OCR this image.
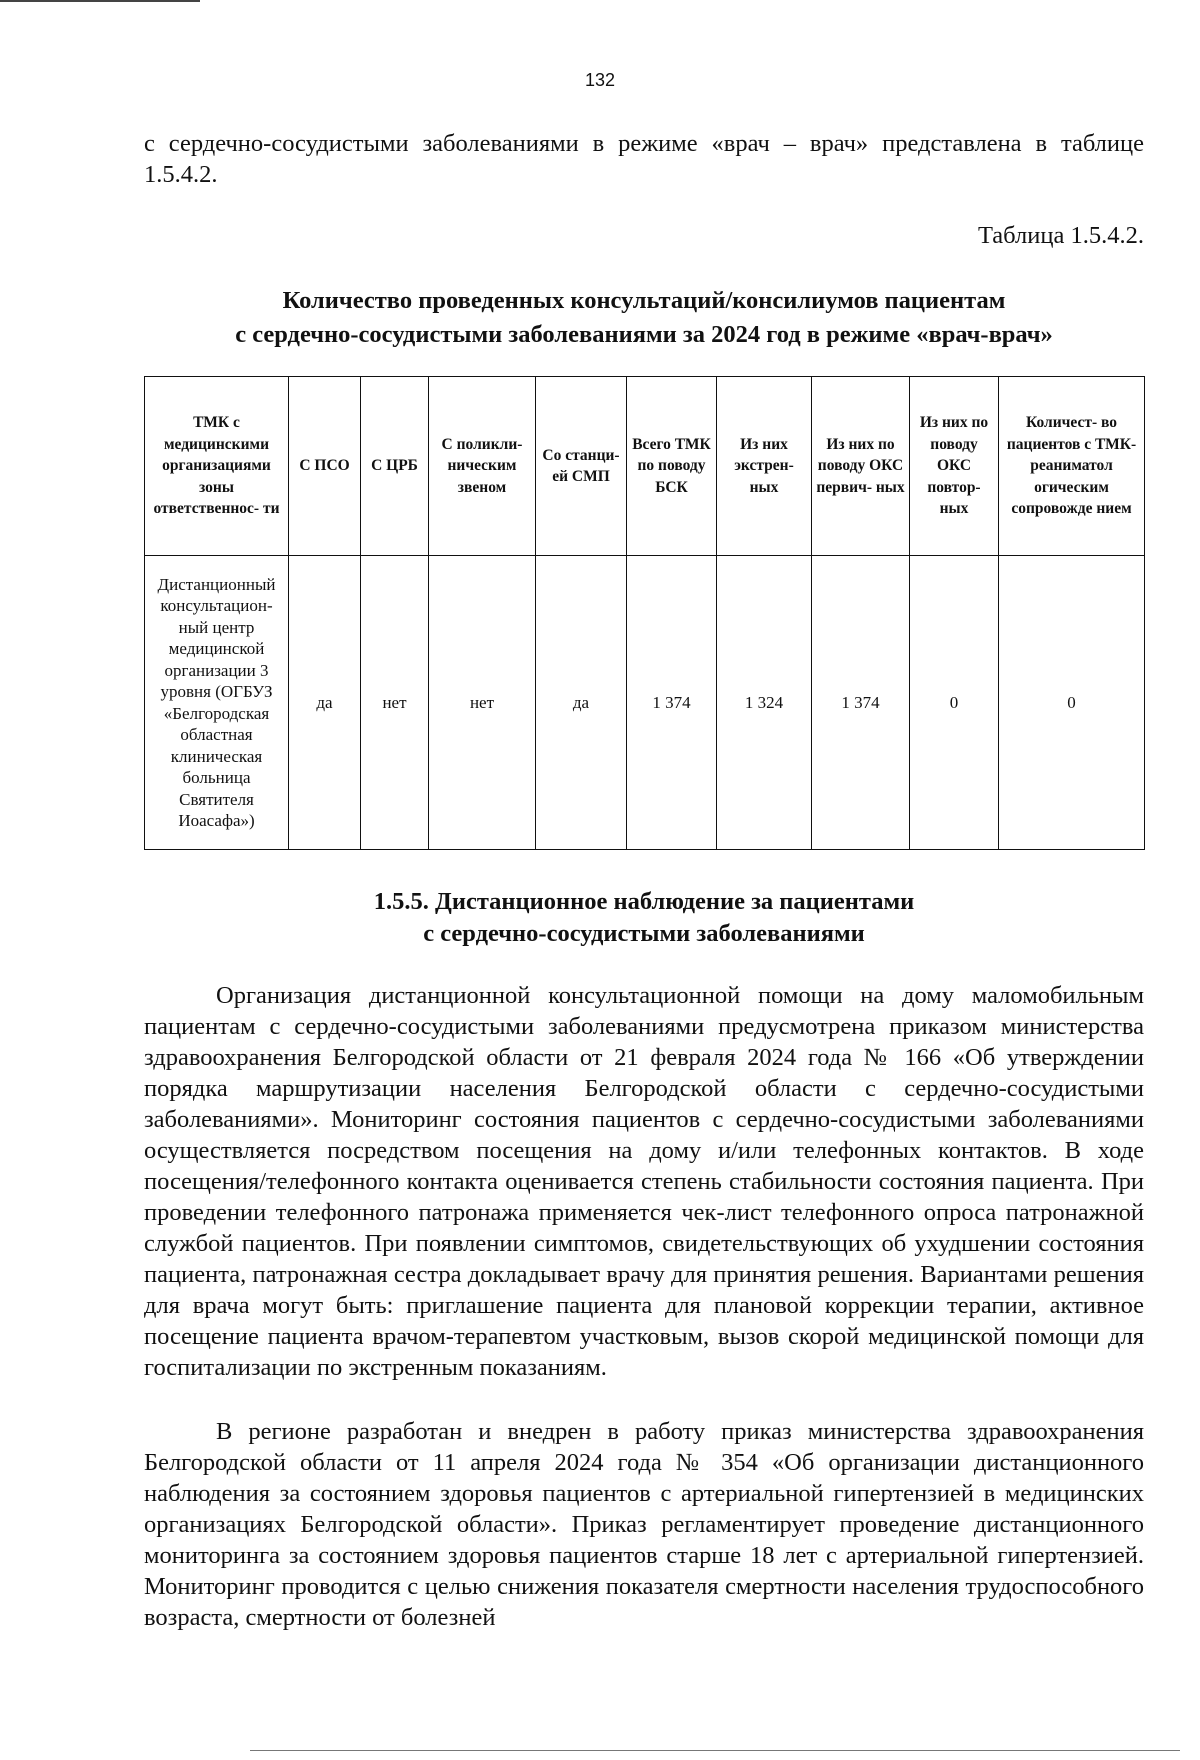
132
с сердечно-сосудистыми заболеваниями в режиме «врач – врач» представлена в таблице 1.5.4.2.
Таблица 1.5.4.2.
Количество проведенных консультаций/консилиумов пациентам
с сердечно-сосудистыми заболеваниями за 2024 год в режиме «врач-врач»
ТМК с медицинскими организациями зоны ответственнос- ти	С ПСО	С ЦРБ	С поликли- ническим звеном	Со станци- ей СМП	Всего ТМК по поводу БСК	Из них экстрен- ных	Из них по поводу ОКС первич- ных	Из них по поводу ОКС повтор- ных	Количест- во пациентов с ТМК- реаниматол огическим сопровожде нием
Дистанционный консультацион- ный центр медицинской организации 3 уровня (ОГБУЗ «Белгородская областная клиническая больница Святителя Иоасафа»)	да	нет	нет	да	1 374	1 324	1 374	0	0
1.5.5. Дистанционное наблюдение за пациентами
с сердечно-сосудистыми заболеваниями
Организация дистанционной консультационной помощи на дому маломобильным пациентам с сердечно-сосудистыми заболеваниями предусмотрена приказом министерства здравоохранения Белгородской области от 21 февраля 2024 года № 166 «Об утверждении порядка маршрутизации населения Белгородской области с сердечно-сосудистыми заболеваниями». Мониторинг состояния пациентов с сердечно-сосудистыми заболеваниями осуществляется посредством посещения на дому и/или телефонных контактов. В ходе посещения/телефонного контакта оценивается степень стабильности состояния пациента. При проведении телефонного патронажа применяется чек-лист телефонного опроса патронажной службой пациентов. При появлении симптомов, свидетельствующих об ухудшении состояния пациента, патронажная сестра докладывает врачу для принятия решения. Вариантами решения для врача могут быть: приглашение пациента для плановой коррекции терапии, активное посещение пациента врачом-терапевтом участковым, вызов скорой медицинской помощи для госпитализации по экстренным показаниям.
В регионе разработан и внедрен в работу приказ министерства здравоохранения Белгородской области от 11 апреля 2024 года № 354 «Об организации дистанционного наблюдения за состоянием здоровья пациентов с артериальной гипертензией в медицинских организациях Белгородской области». Приказ регламентирует проведение дистанционного мониторинга за состоянием здоровья пациентов старше 18 лет с артериальной гипертензией. Мониторинг проводится с целью снижения показателя смертности населения трудоспособного возраста, смертности от болезней
